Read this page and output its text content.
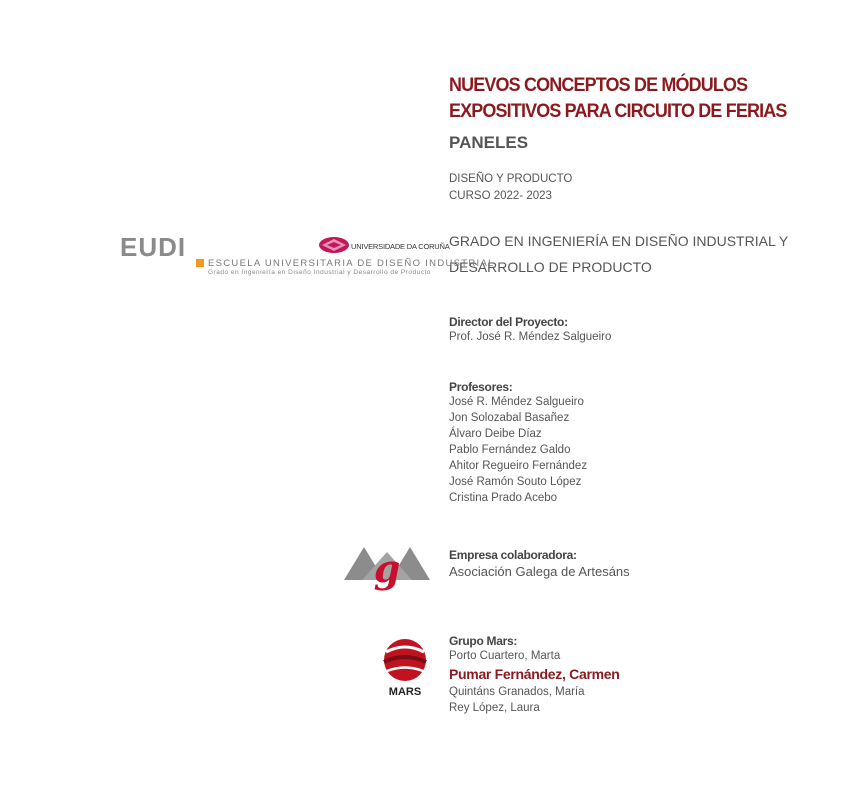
NUEVOS CONCEPTOS DE MÓDULOS
EXPOSITIVOS PARA CIRCUITO DE FERIAS
PANELES
DISEÑO Y PRODUCTO
CURSO 2022- 2023
GRADO EN INGENIERÍA EN DISEÑO INDUSTRIAL Y DESARROLLO DE PRODUCTO
EUDI
ESCUELA UNIVERSITARIA DE DISEÑO INDUSTRIAL
Grado en Ingeniería en Diseño Industrial y Desarrollo de Producto
UNIVERSIDADE DA CORUÑA
Director del Proyecto:
Prof. José R. Méndez Salgueiro
Profesores:
José R. Méndez Salgueiro
Jon Solozabal Basañez
Álvaro Deibe Díaz
Pablo Fernández Galdo
Ahitor Regueiro Fernández
José Ramón Souto López
Cristina Prado Acebo
g	Empresa colaboradora:
Asociación Galega de Artesáns
MARS
Grupo Mars:
Porto Cuartero, Marta
Pumar Fernández, Carmen
Quintáns Granados, María
Rey López, Laura
